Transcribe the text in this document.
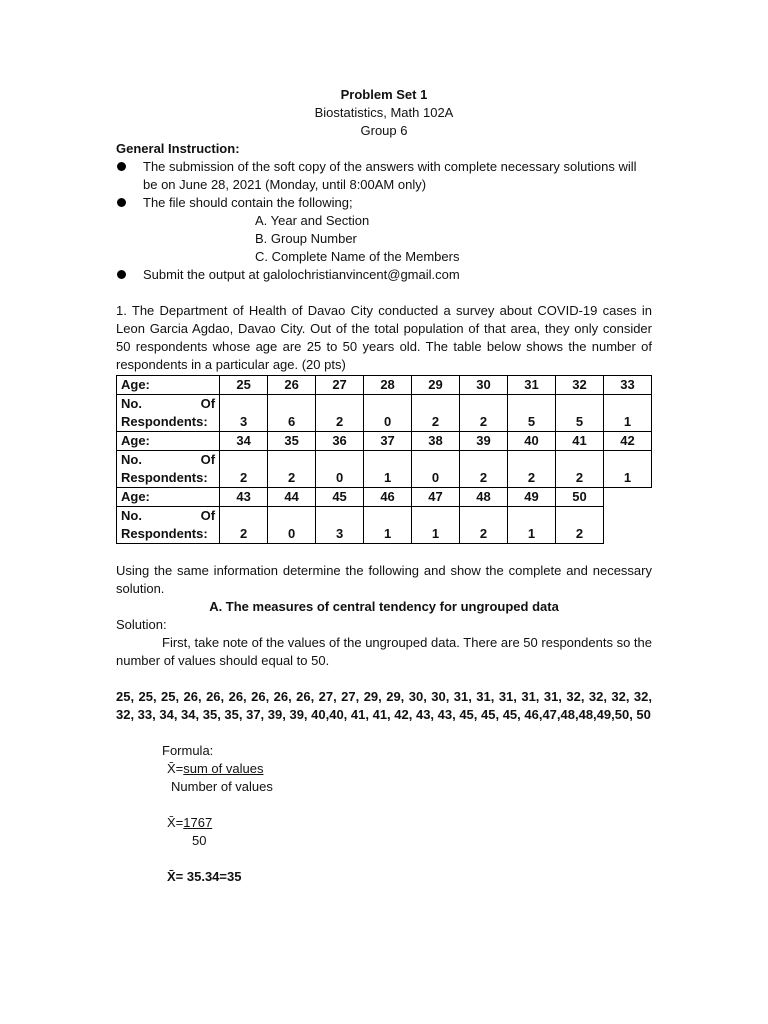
Problem Set 1
Biostatistics, Math 102A
Group 6
General Instruction:
The submission of the soft copy of the answers with complete necessary solutions will be on June 28, 2021 (Monday, until 8:00AM only)
The file should contain the following;
A. Year and Section
B. Group Number
C. Complete Name of the Members
Submit the output at galolochristianvincent@gmail.com
1. The Department of Health of Davao City conducted a survey about COVID-19 cases in Leon Garcia Agdao, Davao City. Out of the total population of that area, they only consider 50 respondents whose age are 25 to 50 years old. The table below shows the number of respondents in a particular age. (20 pts)
Age:	25	26	27	28	29	30	31	32	33

No. Of
Respondents:	3	6	2	0	2	2	5	5	1
Age:	34	35	36	37	38	39	40	41	42

No. Of
Respondents:	2	2	0	1	0	2	2	2	1
Age:	43	44	45	46	47	48	49	50	

No. Of
Respondents:	2	0	3	1	1	2	1	2	
Using the same information determine the following and show the complete and necessary solution.
A. The measures of central tendency for ungrouped data
Solution:
First, take note of the values of the ungrouped data. There are 50 respondents so the number of values should equal to 50.
25, 25, 25, 26, 26, 26, 26, 26, 26, 27, 27, 29, 29, 30, 30, 31, 31, 31, 31, 31, 32, 32, 32, 32, 32, 33, 34, 34, 35, 35, 37, 39, 39, 40,40, 41, 41, 42, 43, 43, 45, 45, 45, 46,47,48,48,49,50, 50
Formula:
X̄=sum of values
Number of values
X̄=1767
50
X̄= 35.34=35
